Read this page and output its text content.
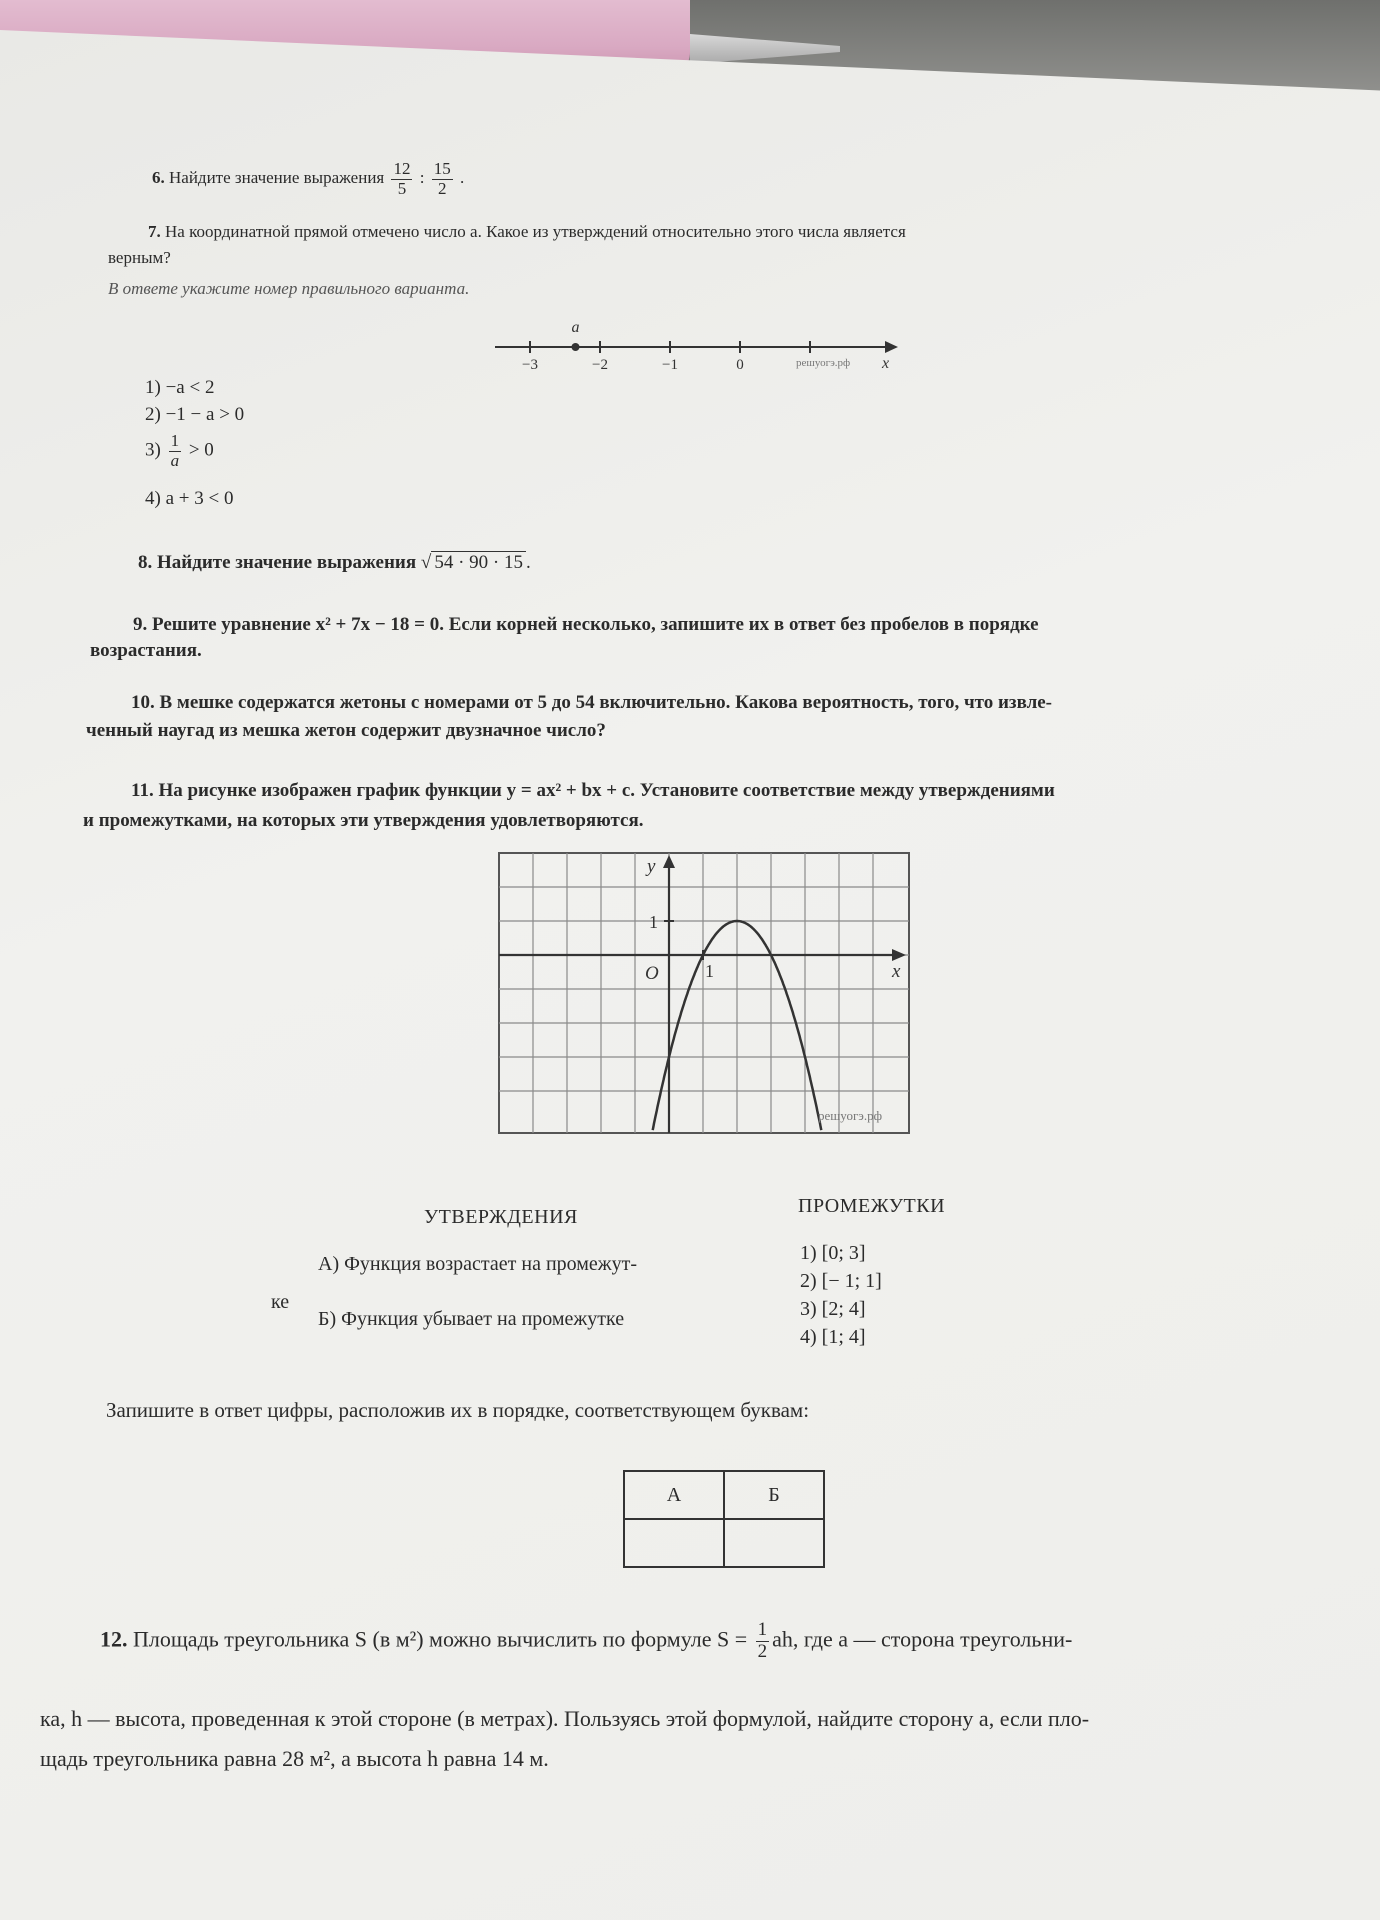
6. Найдите значение выражения $\frac{12}{5}$ : $\frac{15}{2}$ .
7. На координатной прямой отмечено число a. Какое из утверждений относительно этого числа является
верным?
В ответе укажите номер правильного варианта.
−3	−2	−1	0
a
решуогэ.рф x
1) −a < 2
2) −1 − a > 0
$3) \frac{1}{a} > 0$
4) a + 3 < 0
8. Найдите значение выражения √ 54 · 90 · 15 .
9. Решите уравнение x² + 7x − 18 = 0. Если корней несколько, запишите их в ответ без пробелов в порядке
возрастания.
10. В мешке содержатся жетоны с номерами от 5 до 54 включительно. Какова вероятность, того, что извле-
ченный наугад из мешка жетон содержит двузначное число?
11. На рисунке изображен график функции y = ax² + bx + c. Установите соответствие между утверждениями
и промежутками, на которых эти утверждения удовлетворяются.
y
x
O	1
1
решуогэ.рф
УТВЕРЖДЕНИЯ	ПРОМЕЖУТКИ
А) Функция возрастает на промежут-
ке
Б) Функция убывает на промежутке
1) [0; 3]
2) [− 1; 1]
3) [2; 4]
4) [1; 4]
Запишите в ответ цифры, расположив их в порядке, соответствующем буквам:
А	Б

12. Площадь треугольника S (в м²) можно вычислить по формуле $S = \frac{1}{2}$ ah, где a — сторона треугольни-
ка, h — высота, проведенная к этой стороне (в метрах). Пользуясь этой формулой, найдите сторону а, если пло-
щадь треугольника равна 28 м², а высота h равна 14 м.
